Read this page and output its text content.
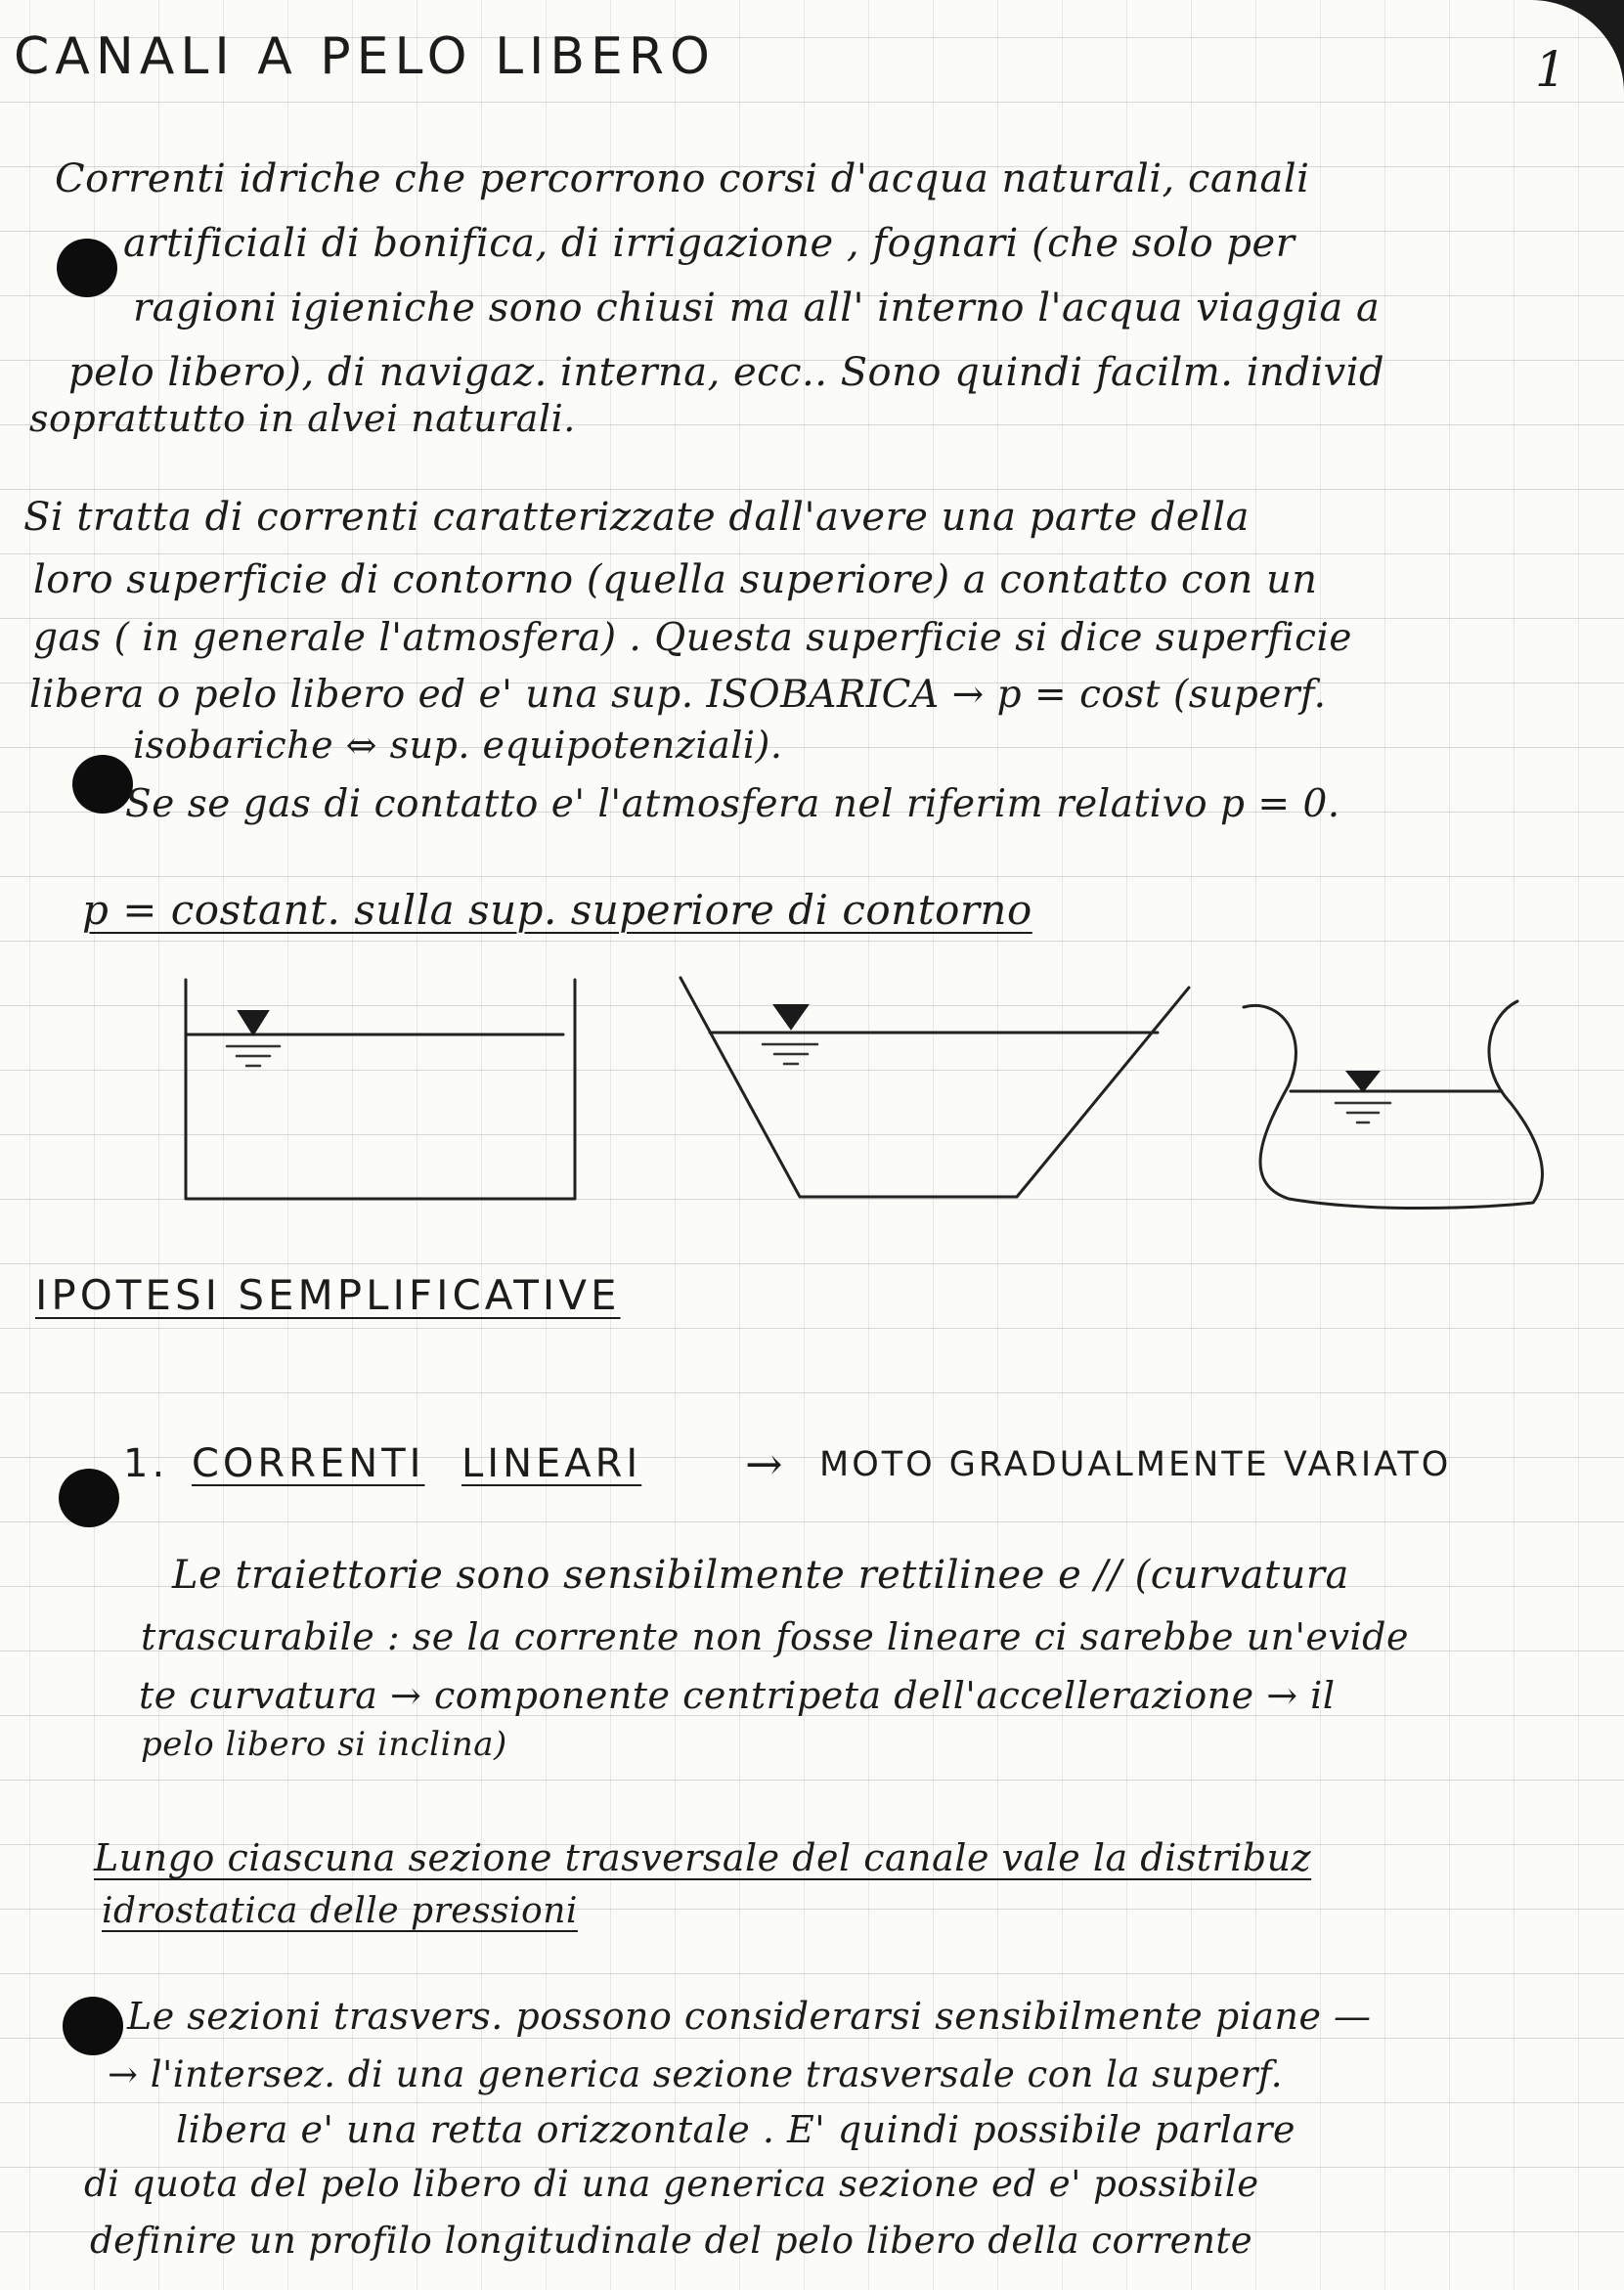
CANALI A PELO LIBERO	1

Correnti idriche che percorrono corsi d'acqua naturali, canali

artificiali di bonifica, di irrigazione , fognari (che solo per

ragioni igieniche sono chiusi ma all' interno l'acqua viaggia a

pelo libero), di navigaz. interna, ecc.. Sono quindi facilm. individ

soprattutto in alvei naturali.

Si tratta di correnti caratterizzate dall'avere una parte della

loro superficie di contorno (quella superiore) a contatto con un

gas ( in generale l'atmosfera) . Questa superficie si dice superficie

libera o pelo libero ed e' una sup. ISOBARICA → p = cost (superf.

isobariche ⇔ sup. equipotenziali).

Se se gas di contatto e' l'atmosfera nel riferim relativo p = 0.

p = costant. sulla sup. superiore di contorno

IPOTESI SEMPLIFICATIVE
1. CORRENTI LINEARI → MOTO GRADUALMENTE VARIATO

Le traiettorie sono sensibilmente rettilinee e // (curvatura

trascurabile : se la corrente non fosse lineare ci sarebbe un'evide

te curvatura → componente centripeta dell'accellerazione → il

pelo libero si inclina)

Lungo ciascuna sezione trasversale del canale vale la distribuz

idrostatica delle pressioni

Le sezioni trasvers. possono considerarsi sensibilmente piane —

→ l'intersez. di una generica sezione trasversale con la superf.

libera e' una retta orizzontale . E' quindi possibile parlare

di quota del pelo libero di una generica sezione ed e' possibile

definire un profilo longitudinale del pelo libero della corrente
